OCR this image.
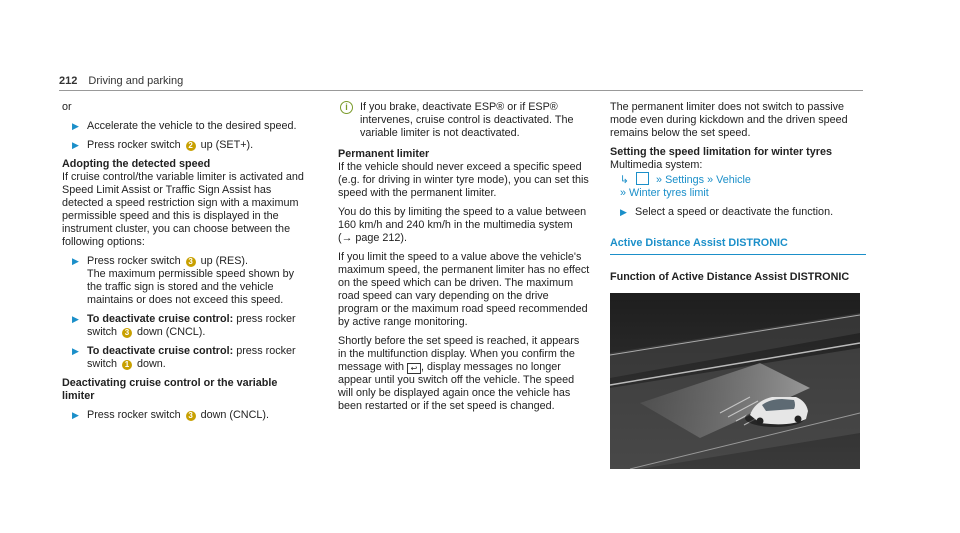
212 Driving and parking

or

▶ Accelerate the vehicle to the desired speed.
▶ Press rocker switch 2 up (SET+).

Adopting the detected speed

If cruise control/the variable limiter is activated and Speed Limit Assist or Traffic Sign Assist has detected a speed restriction sign with a maximum permissible speed and this is displayed in the instrument cluster, you can choose between the following options:

▶ Press rocker switch 3 up (RES).
The maximum permissible speed shown by the traffic sign is stored and the vehicle maintains or does not exceed this speed.
▶ To deactivate cruise control: press rocker switch 3 down (CNCL).
▶ To deactivate cruise control: press rocker switch 1 down.

Deactivating cruise control or the variable limiter

▶ Press rocker switch 3 down (CNCL).
i	If you brake, deactivate ESP® or if ESP® intervenes, cruise control is deactivated. The variable limiter is not deactivated.

Permanent limiter

If the vehicle should never exceed a specific speed (e.g. for driving in winter tyre mode), you can set this speed with the permanent limiter.

You do this by limiting the speed to a value between 160 km/h and 240 km/h in the multimedia system (→ page 212).

If you limit the speed to a value above the vehicle's maximum speed, the permanent limiter has no effect on the speed which can be driven. The maximum road speed can vary depending on the drive program or the maximum road speed recommended by active range monitoring.

Shortly before the set speed is reached, it appears in the multifunction display. When you confirm the message with ↩ , display messages no longer appear until you switch off the vehicle. The speed will only be displayed again once the vehicle has been restarted or if the set speed is changed.

The permanent limiter does not switch to passive mode even during kickdown and the driven speed remains below the set speed.

Setting the speed limitation for winter tyres

Multimedia system:

↳	» Settings » Vehicle

» Winter tyres limit

▶ Select a speed or deactivate the function.
Active Distance Assist DISTRONIC
Function of Active Distance Assist DISTRONIC
